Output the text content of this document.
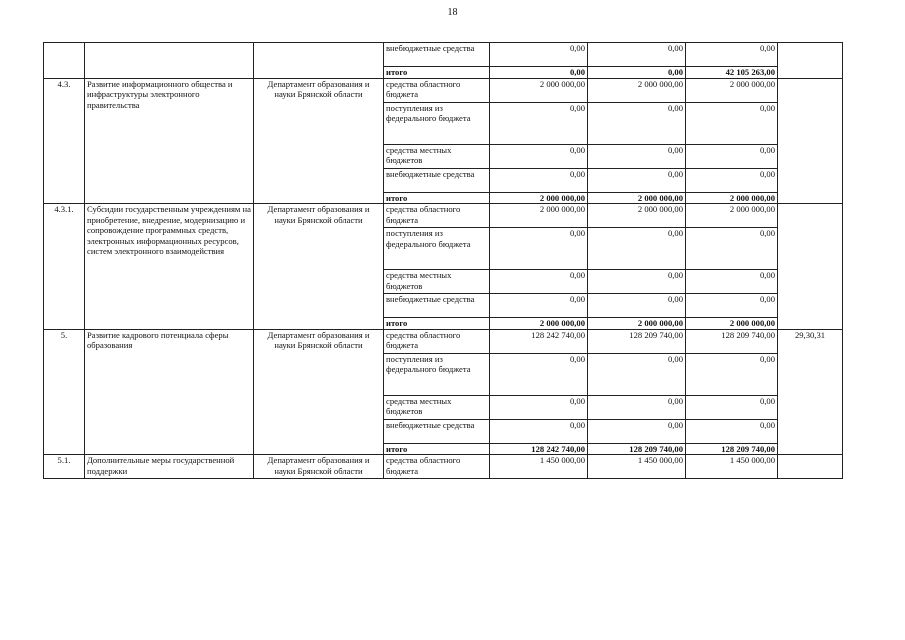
18
			внебюджетные средства	0,00	0,00	0,00	
			итого	0,00	0,00	42 105 263,00	
4.3.	Развитие информационного общества и инфраструктуры электронного правительства	Департамент образования и науки Брянской области	средства областного бюджета	2 000 000,00	2 000 000,00	2 000 000,00	
			поступления из федерального бюджета	0,00	0,00	0,00	
			средства местных бюджетов	0,00	0,00	0,00	
			внебюджетные средства	0,00	0,00	0,00	
			итого	2 000 000,00	2 000 000,00	2 000 000,00	
4.3.1.	Субсидии государственным учреждениям на приобретение, внедрение, модернизацию и сопровождение программных средств, электронных информационных ресурсов, систем электронного взаимодействия	Департамент образования и науки Брянской области	средства областного бюджета	2 000 000,00	2 000 000,00	2 000 000,00	
			поступления из федерального бюджета	0,00	0,00	0,00	
			средства местных бюджетов	0,00	0,00	0,00	
			внебюджетные средства	0,00	0,00	0,00	
			итого	2 000 000,00	2 000 000,00	2 000 000,00	
5.	Развитие кадрового потенциала сферы образования	Департамент образования и науки Брянской области	средства областного бюджета	128 242 740,00	128 209 740,00	128 209 740,00	29,30,31
			поступления из федерального бюджета	0,00	0,00	0,00	
			средства местных бюджетов	0,00	0,00	0,00	
			внебюджетные средства	0,00	0,00	0,00	
			итого	128 242 740,00	128 209 740,00	128 209 740,00	
5.1.	Дополнительные меры государственной поддержки	Департамент образования и науки Брянской области	средства областного бюджета	1 450 000,00	1 450 000,00	1 450 000,00	
